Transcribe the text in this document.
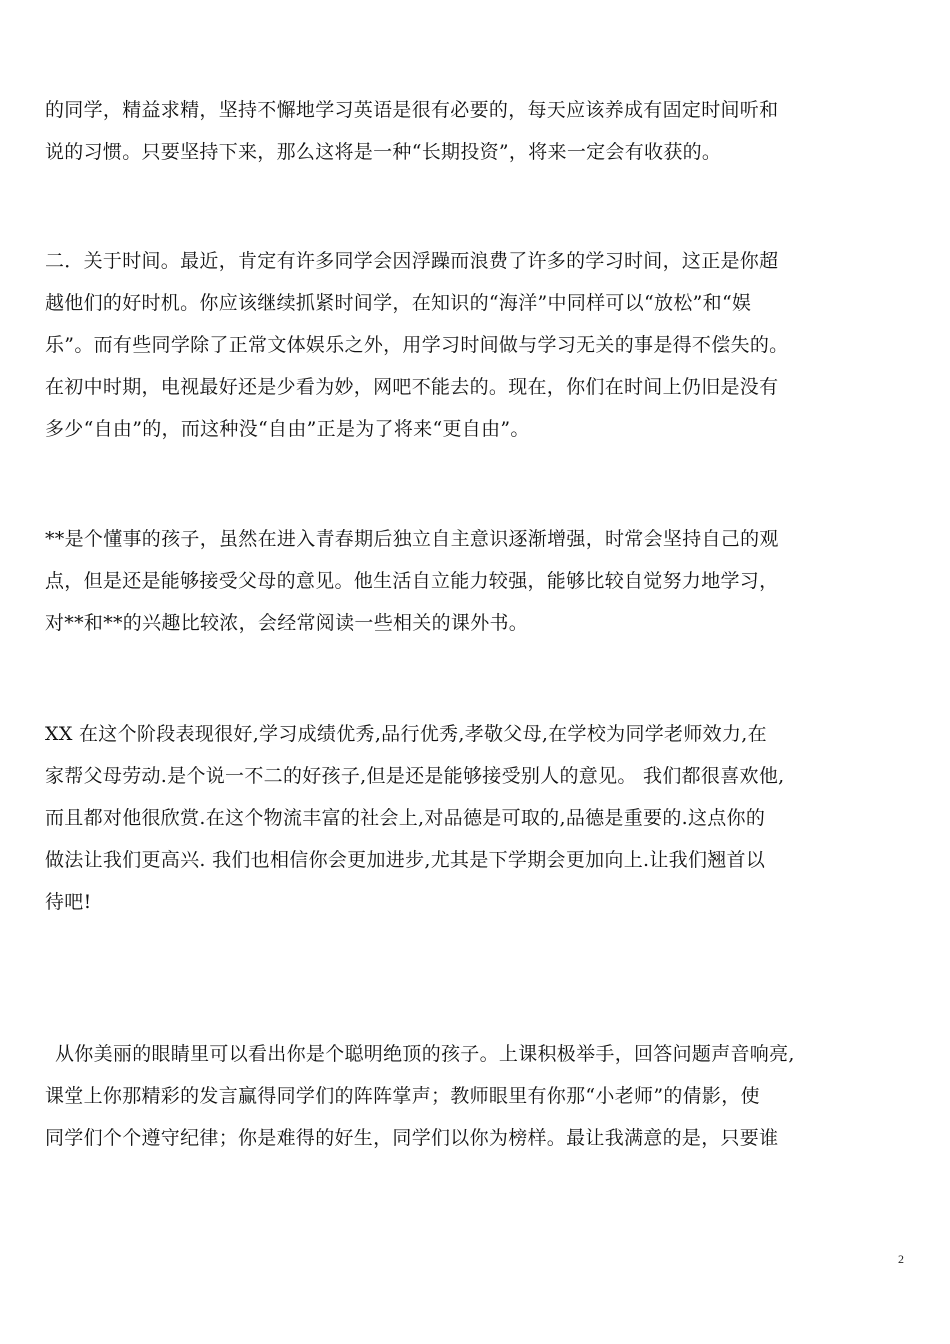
的同学，精益求精，坚持不懈地学习英语是很有必要的，每天应该养成有固定时间听和
说的习惯。只要坚持下来，那么这将是一种“长期投资”，将来一定会有收获的。
二．关于时间。最近，肯定有许多同学会因浮躁而浪费了许多的学习时间，这正是你超
越他们的好时机。你应该继续抓紧时间学，在知识的“海洋”中同样可以“放松”和“娱
乐”。而有些同学除了正常文体娱乐之外，用学习时间做与学习无关的事是得不偿失的。
在初中时期，电视最好还是少看为妙，网吧不能去的。现在，你们在时间上仍旧是没有
多少“自由”的，而这种没“自由”正是为了将来“更自由”。
**是个懂事的孩子，虽然在进入青春期后独立自主意识逐渐增强，时常会坚持自己的观
点，但是还是能够接受父母的意见。他生活自立能力较强，能够比较自觉努力地学习，
对**和**的兴趣比较浓，会经常阅读一些相关的课外书。
XX 在这个阶段表现很好,学习成绩优秀,品行优秀,孝敬父母,在学校为同学老师效力,在
家帮父母劳动.是个说一不二的好孩子,但是还是能够接受别人的意见。 我们都很喜欢他,
而且都对他很欣赏.在这个物流丰富的社会上,对品德是可取的,品德是重要的.这点你的
做法让我们更高兴. 我们也相信你会更加进步,尤其是下学期会更加向上.让我们翘首以
待吧!
从你美丽的眼睛里可以看出你是个聪明绝顶的孩子。上课积极举手，回答问题声音响亮,
课堂上你那精彩的发言赢得同学们的阵阵掌声；教师眼里有你那“小老师”的倩影，使
同学们个个遵守纪律；你是难得的好生，同学们以你为榜样。最让我满意的是，只要谁
2
